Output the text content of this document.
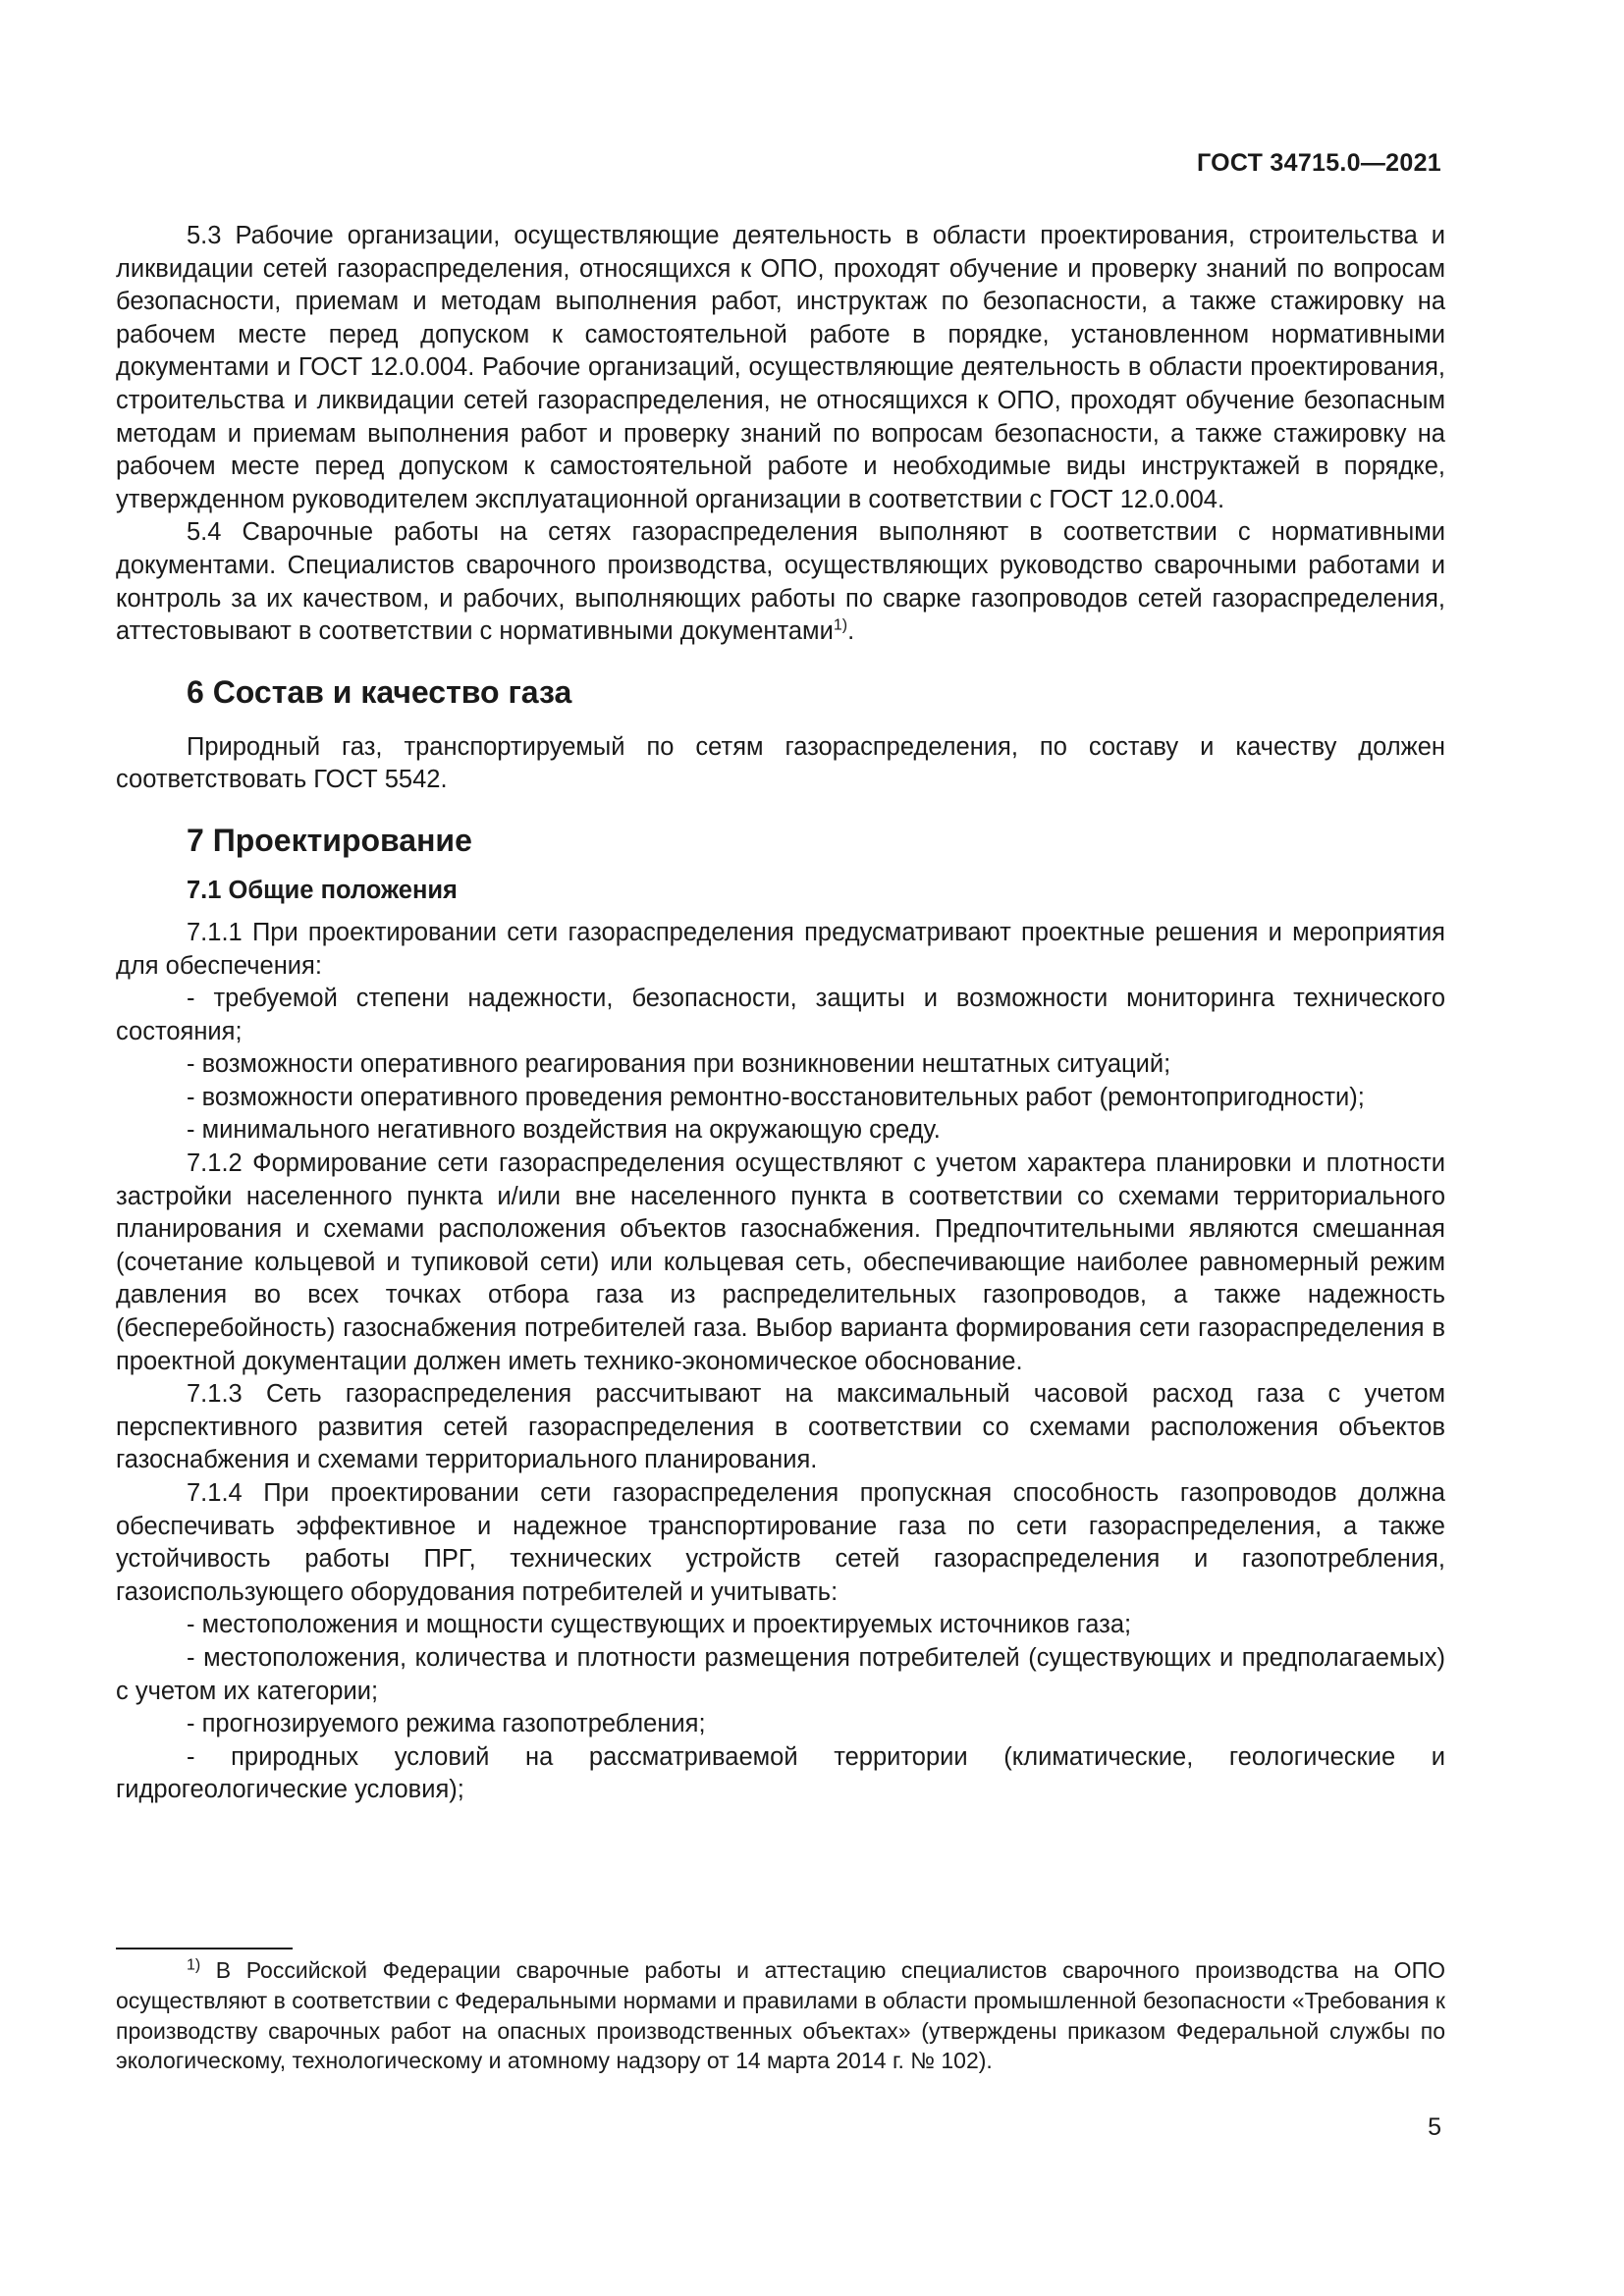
ГОСТ 34715.0—2021

5.3 Рабочие организации, осуществляющие деятельность в области проектирования, строительства и ликвидации сетей газораспределения, относящихся к ОПО, проходят обучение и проверку знаний по вопросам безопасности, приемам и методам выполнения работ, инструктаж по безопасности, а также стажировку на рабочем месте перед допуском к самостоятельной работе в порядке, установленном нормативными документами и ГОСТ 12.0.004. Рабочие организаций, осуществляющие деятельность в области проектирования, строительства и ликвидации сетей газораспределения, не относящихся к ОПО, проходят обучение безопасным методам и приемам выполнения работ и проверку знаний по вопросам безопасности, а также стажировку на рабочем месте перед допуском к самостоятельной работе и необходимые виды инструктажей в порядке, утвержденном руководителем эксплуатационной организации в соответствии с ГОСТ 12.0.004.

5.4 Сварочные работы на сетях газораспределения выполняют в соответствии с нормативными документами. Специалистов сварочного производства, осуществляющих руководство сварочными работами и контроль за их качеством, и рабочих, выполняющих работы по сварке газопроводов сетей газораспределения, аттестовывают в соответствии с нормативными документами$^{1)}$.

6 Состав и качество газа

Природный газ, транспортируемый по сетям газораспределения, по составу и качеству должен соответствовать ГОСТ 5542.

7 Проектирование
7.1 Общие положения

7.1.1 При проектировании сети газораспределения предусматривают проектные решения и мероприятия для обеспечения:

- требуемой степени надежности, безопасности, защиты и возможности мониторинга технического состояния;

- возможности оперативного реагирования при возникновении нештатных ситуаций;

- возможности оперативного проведения ремонтно-восстановительных работ (ремонтопригодности);

- минимального негативного воздействия на окружающую среду.

7.1.2 Формирование сети газораспределения осуществляют с учетом характера планировки и плотности застройки населенного пункта и/или вне населенного пункта в соответствии со схемами территориального планирования и схемами расположения объектов газоснабжения. Предпочтительными являются смешанная (сочетание кольцевой и тупиковой сети) или кольцевая сеть, обеспечивающие наиболее равномерный режим давления во всех точках отбора газа из распределительных газопроводов, а также надежность (бесперебойность) газоснабжения потребителей газа. Выбор варианта формирования сети газораспределения в проектной документации должен иметь технико-экономическое обоснование.

7.1.3 Сеть газораспределения рассчитывают на максимальный часовой расход газа с учетом перспективного развития сетей газораспределения в соответствии со схемами расположения объектов газоснабжения и схемами территориального планирования.

7.1.4 При проектировании сети газораспределения пропускная способность газопроводов должна обеспечивать эффективное и надежное транспортирование газа по сети газораспределения, а также устойчивость работы ПРГ, технических устройств сетей газораспределения и газопотребления, газоиспользующего оборудования потребителей и учитывать:

- местоположения и мощности существующих и проектируемых источников газа;

- местоположения, количества и плотности размещения потребителей (существующих и предполагаемых) с учетом их категории;

- прогнозируемого режима газопотребления;

- природных условий на рассматриваемой территории (климатические, геологические и гидрогеологические условия);

$^{1)}$ В Российской Федерации сварочные работы и аттестацию специалистов сварочного производства на ОПО осуществляют в соответствии с Федеральными нормами и правилами в области промышленной безопасности «Требования к производству сварочных работ на опасных производственных объектах» (утверждены приказом Федеральной службы по экологическому, технологическому и атомному надзору от 14 марта 2014 г. № 102).

5
